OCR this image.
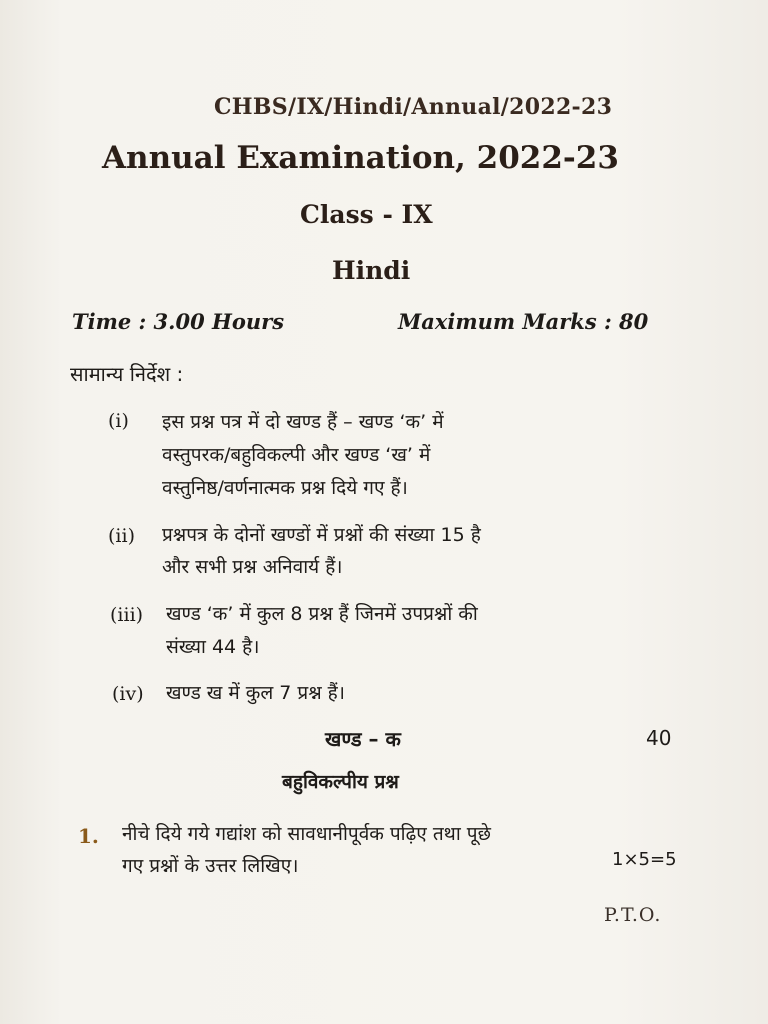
CHBS/IX/Hindi/Annual/2022-23
Annual Examination, 2022-23
Class - IX
Hindi
Time : 3.00 Hours	Maximum Marks : 80
सामान्य निर्देश :
(i) इस प्रश्न पत्र में दो खण्ड हैं – खण्ड ‘क’ में
वस्तुपरक/बहुविकल्पी और खण्ड ‘ख’ में
वस्तुनिष्ठ/वर्णनात्मक प्रश्न दिये गए हैं।
(ii) प्रश्नपत्र के दोनों खण्डों में प्रश्नों की संख्या 15 है
और सभी प्रश्न अनिवार्य हैं।
(iii) खण्ड ‘क’ में कुल 8 प्रश्न हैं जिनमें उपप्रश्नों की
संख्या 44 है।
(iv) खण्ड ख में कुल 7 प्रश्न हैं।
खण्ड – क	40
बहुविकल्पीय प्रश्न
1. नीचे दिये गये गद्यांश को सावधानीपूर्वक पढ़िए तथा पूछे
गए प्रश्नों के उत्तर लिखिए।	1×5=5
P.T.O.
